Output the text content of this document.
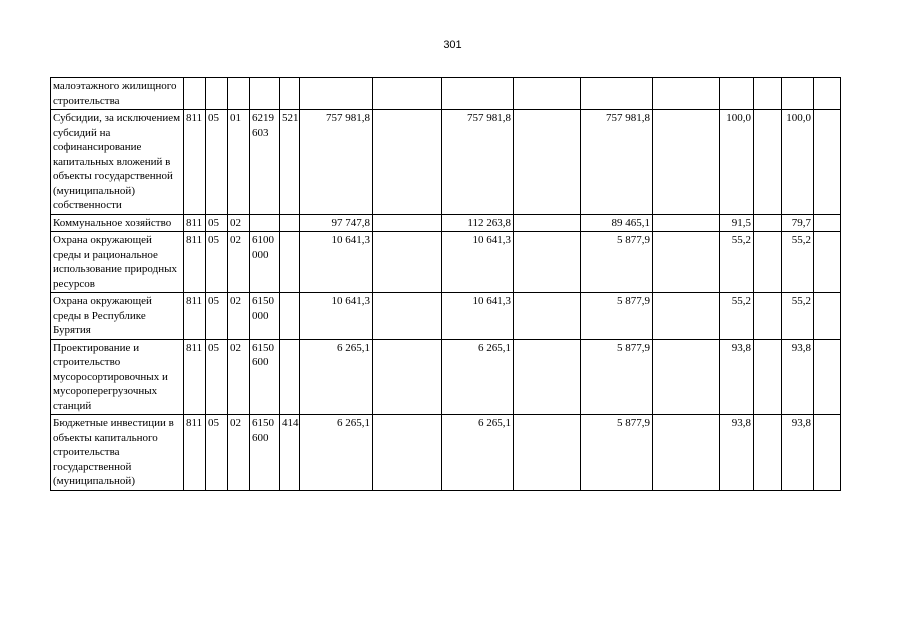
301
малоэтажного жилищного строительства															
Субсидии, за исключением субсидий на софинансирование капитальных вложений в объекты государственной (муниципальной) собственности	811	05	01	6219 603	521	757 981,8		757 981,8		757 981,8		100,0		100,0	
Коммунальное хозяйство	811	05	02			97 747,8		112 263,8		89 465,1		91,5		79,7	
Охрана окружающей среды и рациональное использование природных ресурсов	811	05	02	6100 000		10 641,3		10 641,3		5 877,9		55,2		55,2	
Охрана окружающей среды в Республике Бурятия	811	05	02	6150 000		10 641,3		10 641,3		5 877,9		55,2		55,2	
Проектирование и строительство мусоросортировочных и мусороперегрузочных станций	811	05	02	6150 600		6 265,1		6 265,1		5 877,9		93,8		93,8	
Бюджетные инвестиции в объекты капитального строительства государственной (муниципальной)	811	05	02	6150 600	414	6 265,1		6 265,1		5 877,9		93,8		93,8	
